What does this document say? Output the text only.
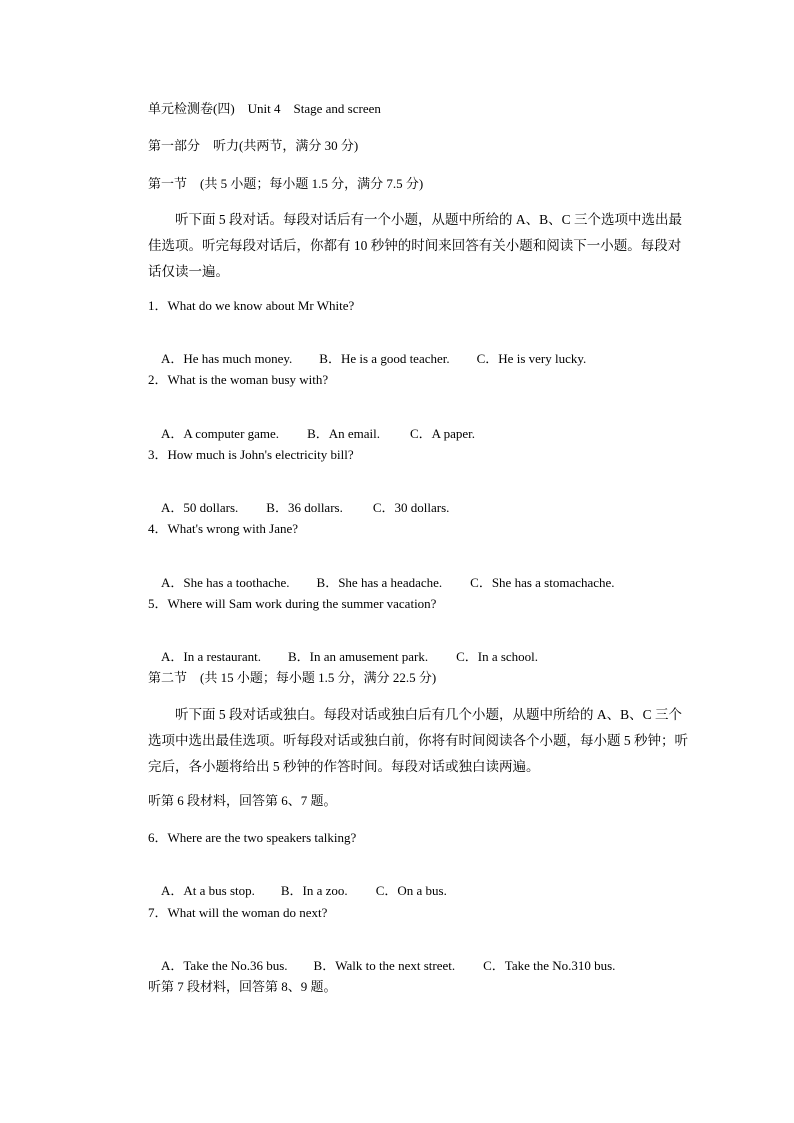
单元检测卷(四)　Unit 4　Stage and screen
第一部分　听力(共两节，满分 30 分)
第一节　(共 5 小题；每小题 1.5 分，满分 7.5 分)
　　听下面 5 段对话。每段对话后有一个小题，从题中所给的 A、B、C 三个选项中选出最
佳选项。听完每段对话后，你都有 10 秒钟的时间来回答有关小题和阅读下一小题。每段对
话仅读一遍。
1．What do we know about Mr White?

A．He has much money. B．He is a good teacher. C．He is very lucky.

2．What is the woman busy with?

A．A computer game. B．An email. C．A paper.

3．How much is John's electricity bill?

A．50 dollars. B．36 dollars. C．30 dollars.

4．What's wrong with Jane?

A．She has a toothache. B．She has a headache. C．She has a stomachache.

5．Where will Sam work during the summer vacation?

A．In a restaurant. B．In an amusement park. C．In a school.

第二节　(共 15 小题；每小题 1.5 分，满分 22.5 分)
　　听下面 5 段对话或独白。每段对话或独白后有几个小题，从题中所给的 A、B、C 三个
选项中选出最佳选项。听每段对话或独白前，你将有时间阅读各个小题，每小题 5 秒钟；听
完后，各小题将给出 5 秒钟的作答时间。每段对话或独白读两遍。
听第 6 段材料，回答第 6、7 题。
6．Where are the two speakers talking?

A．At a bus stop. B．In a zoo. C．On a bus.

7．What will the woman do next?

A．Take the No.36 bus. B．Walk to the next street. C．Take the No.310 bus.

听第 7 段材料，回答第 8、9 题。
